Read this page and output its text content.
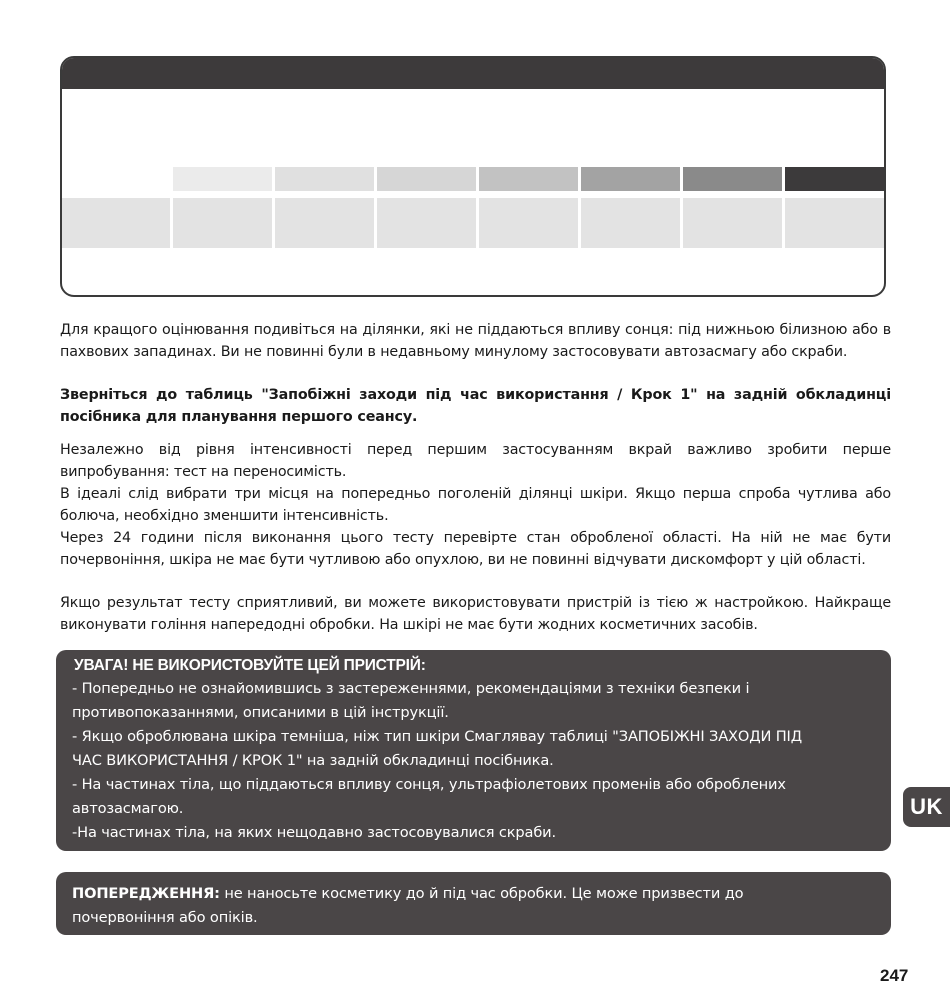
Для кращого оцінювання подивіться на ділянки, які не піддаються впливу сонця: під нижньою білизною або в пахвових западинах. Ви не повинні були в недавньому минулому застосовувати автозасмагу або скраби.

Зверніться до таблиць "Запобіжні заходи під час використання / Крок 1" на задній обкладинці посібника для планування першого сеансу.

Незалежно від рівня інтенсивності перед першим застосуванням вкрай важливо зробити перше випробування: тест на переносимість.

В ідеалі слід вибрати три місця на попередньо поголеній ділянці шкіри. Якщо перша спроба чутлива або болюча, необхідно зменшити інтенсивність.

Через 24 години після виконання цього тесту перевірте стан обробленої області. На ній не має бути почервоніння, шкіра не має бути чутливою або опухлою, ви не повинні відчувати дискомфорт у цій області.

Якщо результат тесту сприятливий, ви можете використовувати пристрій із тією ж настройкою. Найкраще виконувати гоління напередодні обробки. На шкірі не має бути жодних косметичних засобів.

УВАГА! НЕ ВИКОРИСТОВУЙТЕ ЦЕЙ ПРИСТРІЙ:
- Попередньо не ознайомившись з застереженнями, рекомендаціями з техніки безпеки і
противопоказаннями, описаними в цій інструкції.
- Якщо оброблювана шкіра темніша, ніж тип шкіри Смаглявау таблиці "ЗАПОБІЖНІ ЗАХОДИ ПІД
ЧАС ВИКОРИСТАННЯ / КРОК 1" на задній обкладинці посібника.
- На частинах тіла, що піддаються впливу сонця, ультрафіолетових променів або оброблених
автозасмагою.
-На частинах тіла, на яких нещодавно застосовувалися скраби.
ПОПЕРЕДЖЕННЯ: не наносьте косметику до й під час обробки. Це може призвести до
почервоніння або опіків.
UK
247
